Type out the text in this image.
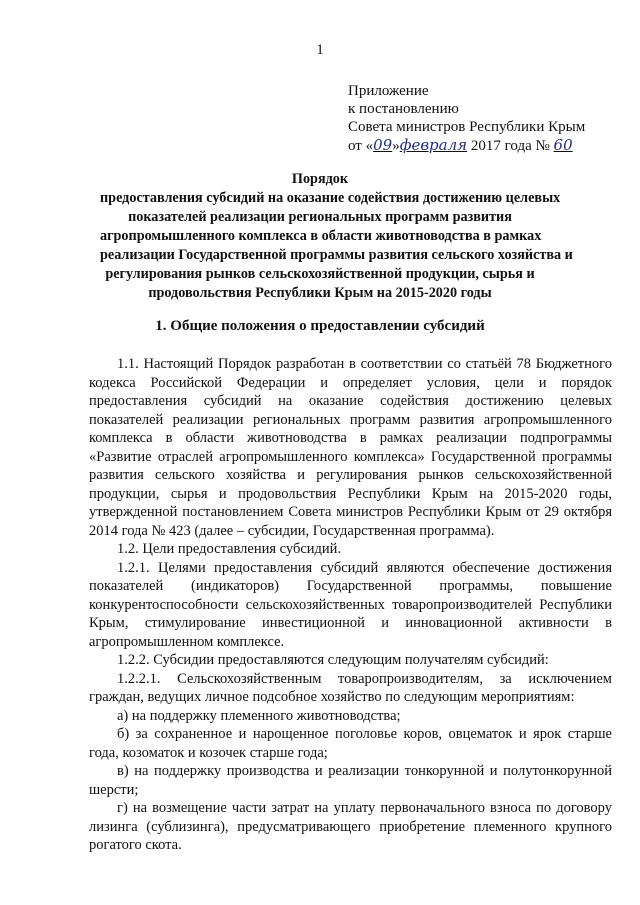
1
Приложение
к постановлению
Совета министров Республики Крым
от «09»февраля 2017 года № 60
Порядок
предоставления субсидий на оказание содействия достижению целевых
показателей реализации региональных программ развития
агропромышленного комплекса в области животноводства в рамках
реализации Государственной программы развития сельского хозяйства и
регулирования рынков сельскохозяйственной продукции, сырья и
продовольствия Республики Крым на 2015-2020 годы
1. Общие положения о предоставлении субсидий

1.1. Настоящий Порядок разработан в соответствии со статьёй 78 Бюджетного кодекса Российской Федерации и определяет условия, цели и порядок предоставления субсидий на оказание содействия достижению целевых показателей реализации региональных программ развития агропромышленного комплекса в области животноводства в рамках реализации подпрограммы «Развитие отраслей агропромышленного комплекса» Государственной программы развития сельского хозяйства и регулирования рынков сельскохозяйственной продукции, сырья и продовольствия Республики Крым на 2015-2020 годы, утвержденной постановлением Совета министров Республики Крым от 29 октября 2014 года № 423 (далее – субсидии, Государственная программа).

1.2. Цели предоставления субсидий.

1.2.1. Целями предоставления субсидий являются обеспечение достижения показателей (индикаторов) Государственной программы, повышение конкурентоспособности сельскохозяйственных товаропроизводителей Республики Крым, стимулирование инвестиционной и инновационной активности в агропромышленном комплексе.

1.2.2. Субсидии предоставляются следующим получателям субсидий:

1.2.2.1. Сельскохозяйственным товаропроизводителям, за исключением граждан, ведущих личное подсобное хозяйство по следующим мероприятиям:

а) на поддержку племенного животноводства;

б) за сохраненное и нарощенное поголовье коров, овцематок и ярок старше года, козоматок и козочек старше года;

в) на поддержку производства и реализации тонкорунной и полутонкорунной шерсти;

г) на возмещение части затрат на уплату первоначального взноса по договору лизинга (сублизинга), предусматривающего приобретение племенного крупного рогатого скота.
